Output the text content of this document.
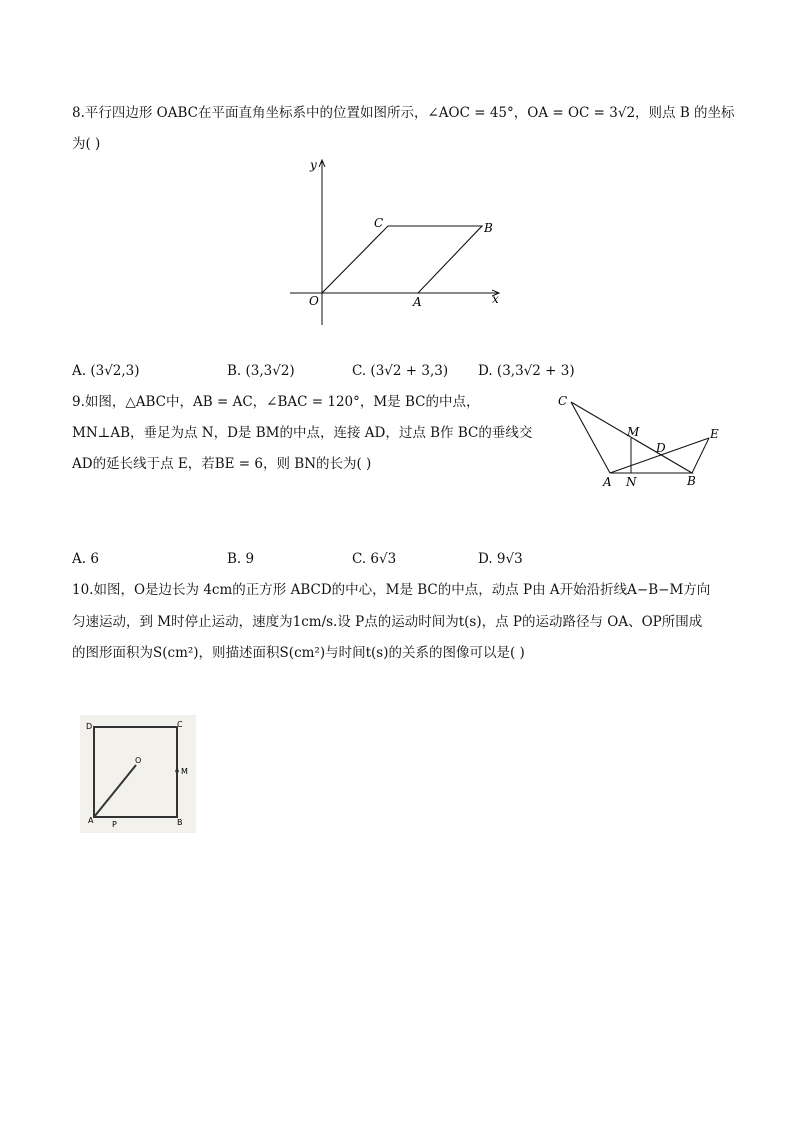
8.平行四边形 OABC在平面直角坐标系中的位置如图所示，∠AOC = 45°，OA = OC = 3√2，则点 B 的坐标
为( )
y
x
O	A
B
C
A. (3√2,3)	B. (3,3√2)	C. (3√2 + 3,3) D. (3,3√2 + 3)
9.如图，△ABC中，AB = AC，∠BAC = 120°，M是 BC的中点，
MN⊥AB，垂足为点 N，D是 BM的中点，连接 AD，过点 B作 BC的垂线交
AD的延长线于点 E，若BE = 6，则 BN的长为( )
C
M
D
E
A N	B
A. 6	B. 9	C. 6√3	D. 9√3
10.如图，O是边长为 4cm的正方形 ABCD的中心，M是 BC的中点，动点 P由 A开始沿折线A−B−M方向
匀速运动，到 M时停止运动，速度为1cm/s.设 P点的运动时间为t(s)，点 P的运动路径与 OA、OP所围成
的图形面积为S(cm²)，则描述面积S(cm²)与时间t(s)的关系的图像可以是( )
D	C
O
M
A P	B
